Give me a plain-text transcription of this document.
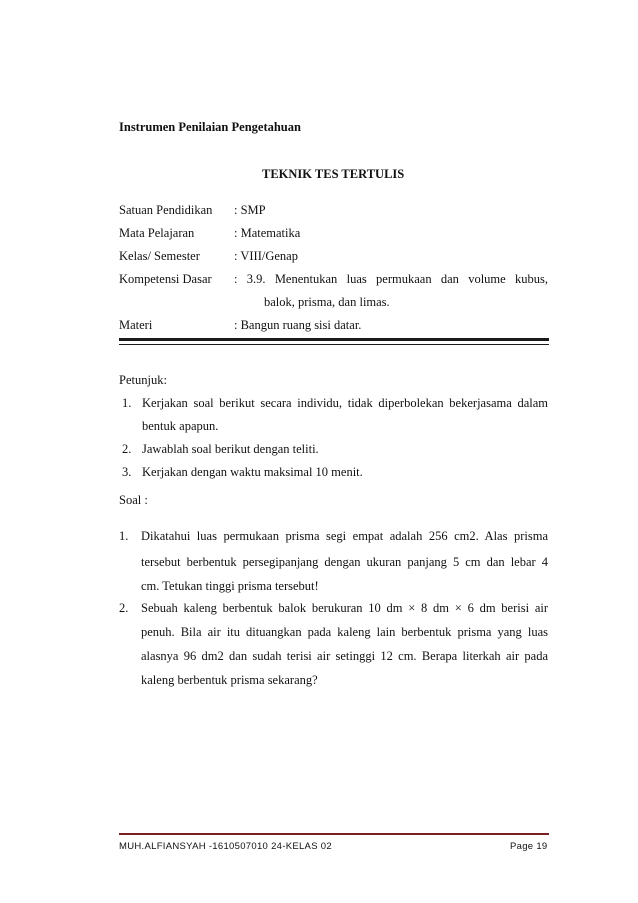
Instrumen Penilaian Pengetahuan
TEKNIK TES TERTULIS
Satuan Pendidikan : SMP
Mata Pelajaran	: Matematika
Kelas/ Semester	: VIII/Genap
Kompetensi Dasar : 3.9. Menentukan luas permukaan dan volume kubus,
balok, prisma, dan limas.
Materi	: Bangun ruang sisi datar.
Petunjuk:
1. Kerjakan soal berikut secara individu, tidak diperbolekan bekerjasama dalam
bentuk apapun.
2. Jawablah soal berikut dengan teliti.
3. Kerjakan dengan waktu maksimal 10 menit.
Soal :
1. Dikatahui luas permukaan prisma segi empat adalah 256 cm2. Alas prisma
tersebut berbentuk persegipanjang dengan ukuran panjang 5 cm dan lebar 4
cm. Tetukan tinggi prisma tersebut!
2. Sebuah kaleng berbentuk balok berukuran 10 dm × 8 dm × 6 dm berisi air
penuh. Bila air itu dituangkan pada kaleng lain berbentuk prisma yang luas
alasnya 96 dm2 dan sudah terisi air setinggi 12 cm. Berapa literkah air pada
kaleng berbentuk prisma sekarang?
MUH.ALFIANSYAH -1610507010 24-KELAS 02	Page 19
